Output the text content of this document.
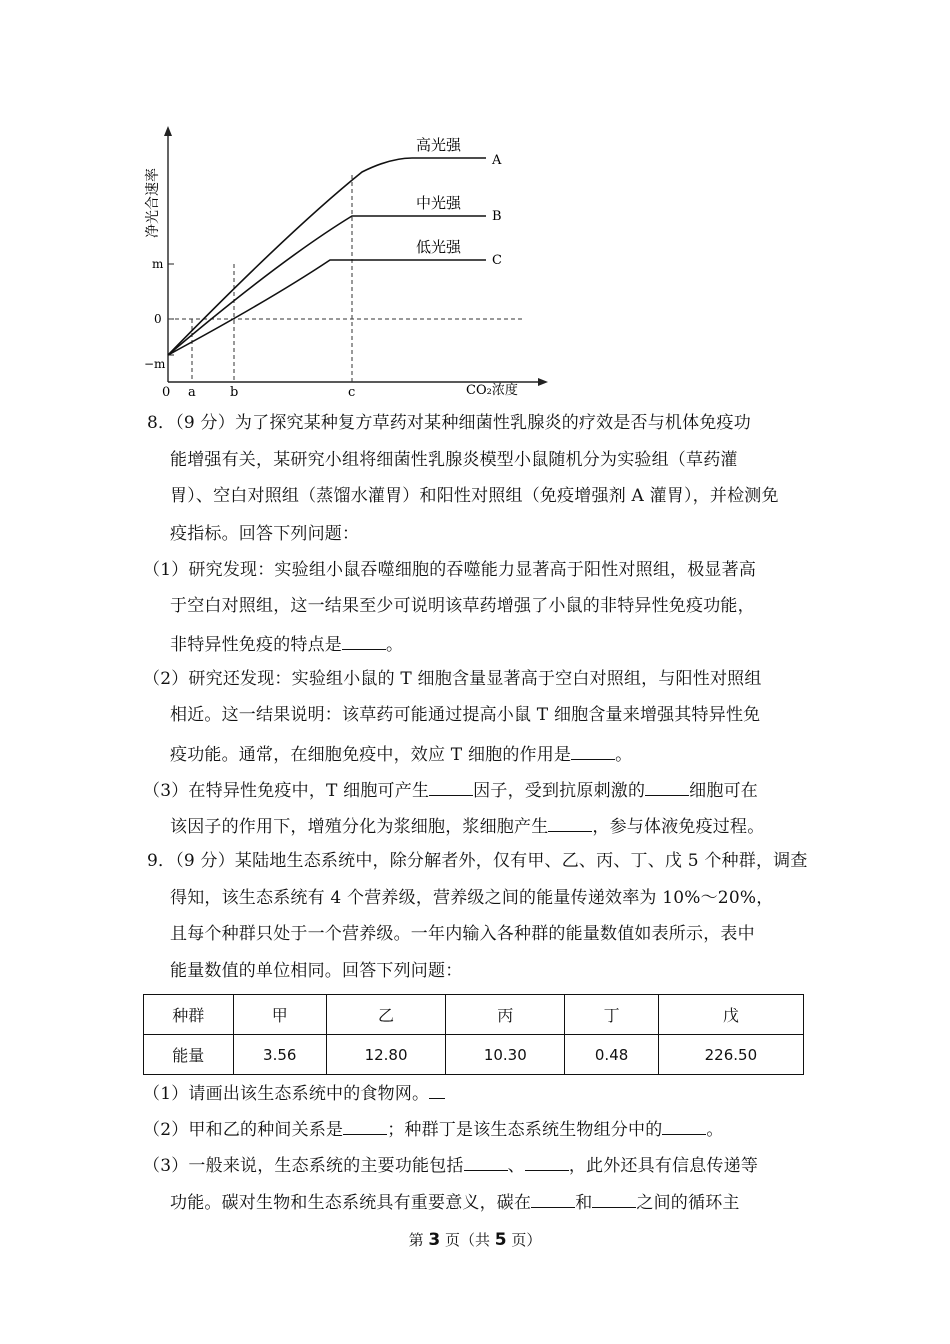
高光强
A
中光强
B
低光强
C
m
0
−m
0 a	b	c	CO₂浓度
净光合速率
8．（9 分）为了探究某种复方草药对某种细菌性乳腺炎的疗效是否与机体免疫功
能增强有关，某研究小组将细菌性乳腺炎模型小鼠随机分为实验组（草药灌
胃）、空白对照组（蒸馏水灌胃）和阳性对照组（免疫增强剂 A 灌胃），并检测免
疫指标。回答下列问题：
（1）研究发现：实验组小鼠吞噬细胞的吞噬能力显著高于阳性对照组，极显著高
于空白对照组，这一结果至少可说明该草药增强了小鼠的非特异性免疫功能，
非特异性免疫的特点是	。
（2）研究还发现：实验组小鼠的 T 细胞含量显著高于空白对照组，与阳性对照组
相近。这一结果说明：该草药可能通过提高小鼠 T 细胞含量来增强其特异性免
疫功能。通常，在细胞免疫中，效应 T 细胞的作用是	。
（3）在特异性免疫中，T 细胞可产生	因子，受到抗原刺激的	细胞可在
该因子的作用下，增殖分化为浆细胞，浆细胞产生	，参与体液免疫过程。
9．（9 分）某陆地生态系统中，除分解者外，仅有甲、乙、丙、丁、戊 5 个种群，调查
得知，该生态系统有 4 个营养级，营养级之间的能量传递效率为 10%～20%，
且每个种群只处于一个营养级。一年内输入各种群的能量数值如表所示，表中
能量数值的单位相同。回答下列问题：
种群	甲	乙	丙	丁	戊
能量	3.56	12.80	10.30	0.48	226.50
（1）请画出该生态系统中的食物网。
（2）甲和乙的种间关系是	；种群丁是该生态系统生物组分中的	。
（3）一般来说，生态系统的主要功能包括	、	，此外还具有信息传递等
功能。碳对生物和生态系统具有重要意义，碳在	和	之间的循环主
第 3 页（共 5 页）
